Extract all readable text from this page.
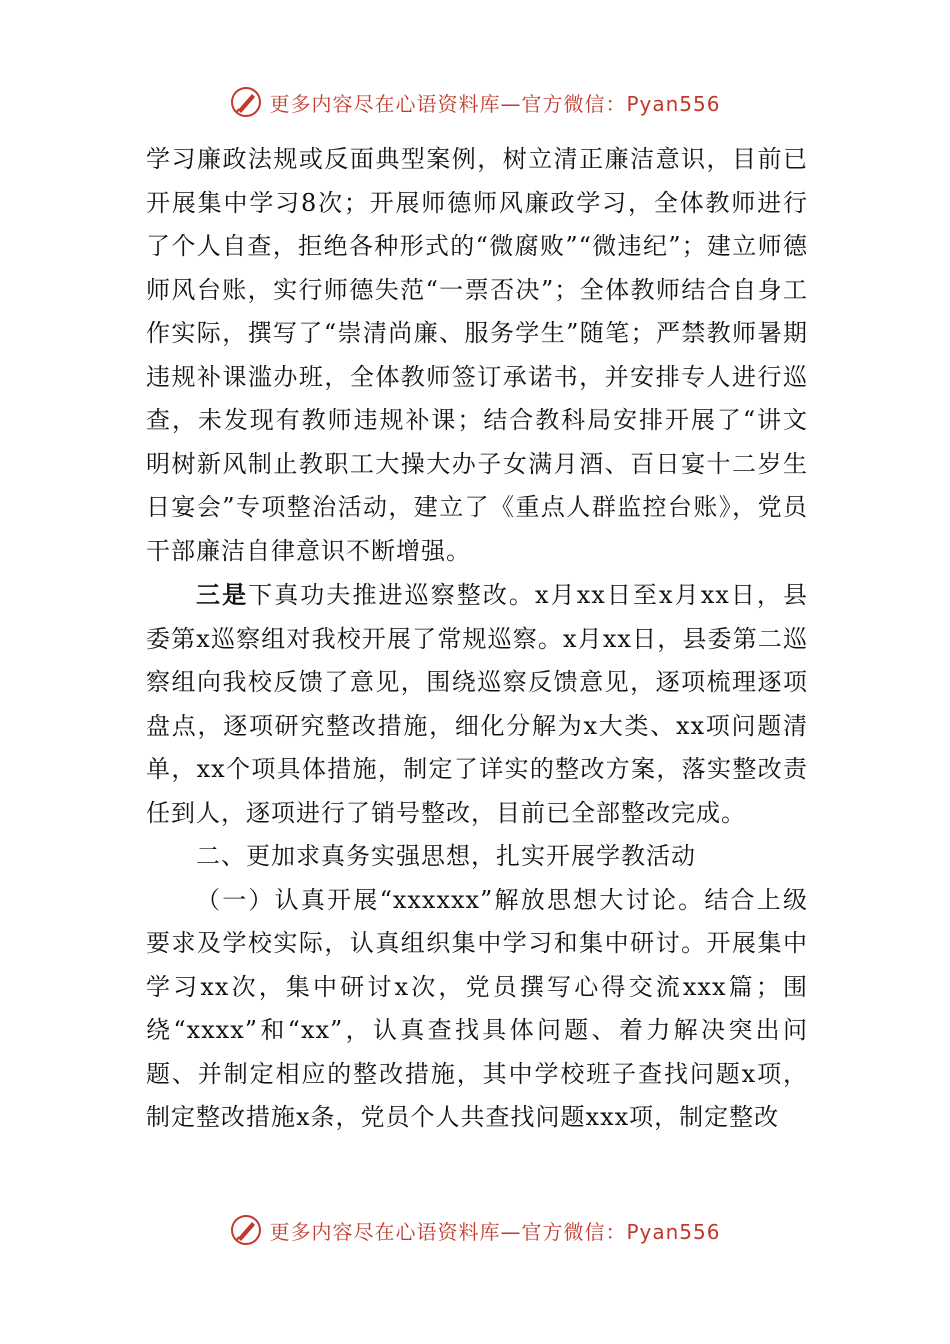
更多内容尽在心语资料库—官方微信：Pyan556

学习廉政法规或反面典型案例，树立清正廉洁意识，目前已开展集中学习8次；开展师德师风廉政学习，全体教师进行了个人自查，拒绝各种形式的“微腐败”“微违纪”；建立师德师风台账，实行师德失范“一票否决”；全体教师结合自身工作实际，撰写了“崇清尚廉、服务学生”随笔；严禁教师暑期违规补课滥办班，全体教师签订承诺书，并安排专人进行巡查，未发现有教师违规补课；结合教科局安排开展了“讲文明树新风制止教职工大操大办子女满月酒、百日宴十二岁生日宴会”专项整治活动，建立了《重点人群监控台账》，党员干部廉洁自律意识不断增强。

三是下真功夫推进巡察整改。x月xx日至x月xx日，县委第x巡察组对我校开展了常规巡察。x月xx日，县委第二巡察组向我校反馈了意见，围绕巡察反馈意见，逐项梳理逐项盘点，逐项研究整改措施，细化分解为x大类、xx项问题清单，xx个项具体措施，制定了详实的整改方案，落实整改责任到人，逐项进行了销号整改，目前已全部整改完成。

二、更加求真务实强思想，扎实开展学教活动

（一）认真开展“xxxxxx”解放思想大讨论。结合上级要求及学校实际，认真组织集中学习和集中研讨。开展集中学习xx次，集中研讨x次，党员撰写心得交流xxx篇；围绕“xxxx”和“xx”，认真查找具体问题、着力解决突出问题、并制定相应的整改措施，其中学校班子查找问题x项，制定整改措施x条，党员个人共查找问题xxx项，制定整改

更多内容尽在心语资料库—官方微信：Pyan556
